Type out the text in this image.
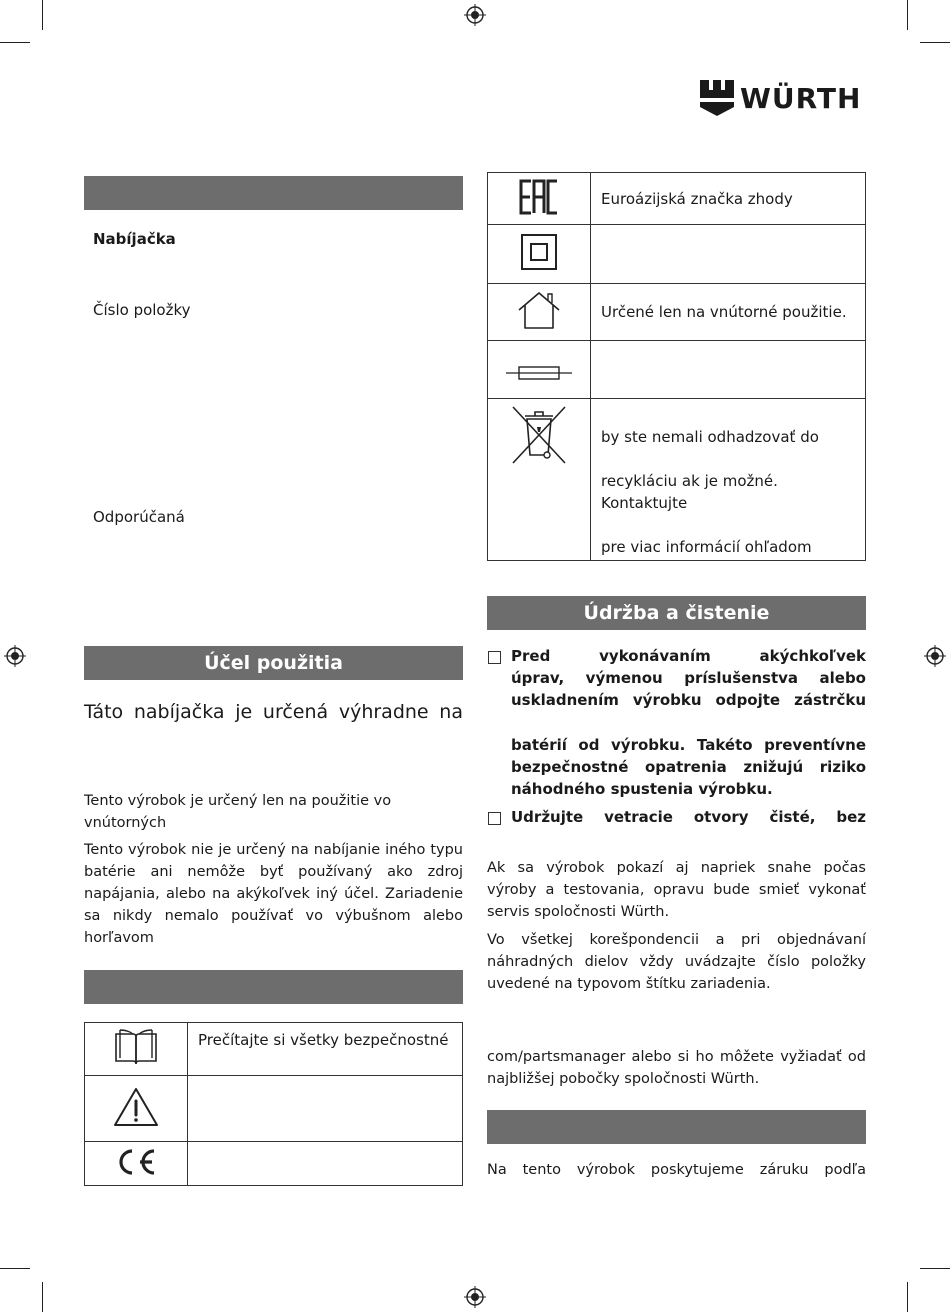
WÜRTH
Nabíjačka
Číslo položky
Odporúčaná
Účel použitia
Táto nabíjačka je určená výhradne na
Tento výrobok je určený len na použitie vo vnútorných
Tento výrobok nie je určený na nabíjanie iného typu batérie ani nemôže byť používaný ako zdroj napájania, alebo na akýkoľvek iný účel. Zariadenie sa nikdy nemalo používať vo výbušnom alebo horľavom
	Prečítajte si všetky bezpečnostné

	Euroázijská značka zhody

	Určené len na vnútorné použitie.

by ste nemali odhadzovať do
recykláciu ak je možné. Kontaktujte
pre viac informácií ohľadom
Údržba a čistenie
Pred vykonávaním akýchkoľvek
úprav, výmenou príslušenstva alebo
uskladnením výrobku odpojte zástrčku
batérií od výrobku. Takéto preventívne
bezpečnostné opatrenia znižujú riziko
náhodného spustenia výrobku.
Udržujte vetracie otvory čisté, bez
Ak sa výrobok pokazí aj napriek snahe počas výroby a testovania, opravu bude smieť vykonať servis spoločnosti Würth.
Vo všetkej korešpondencii a pri objednávaní náhradných dielov vždy uvádzajte číslo položky uvedené na typovom štítku zariadenia.
com/partsmanager alebo si ho môžete vyžiadať od najbližšej pobočky spoločnosti Würth.
Na tento výrobok poskytujeme záruku podľa
